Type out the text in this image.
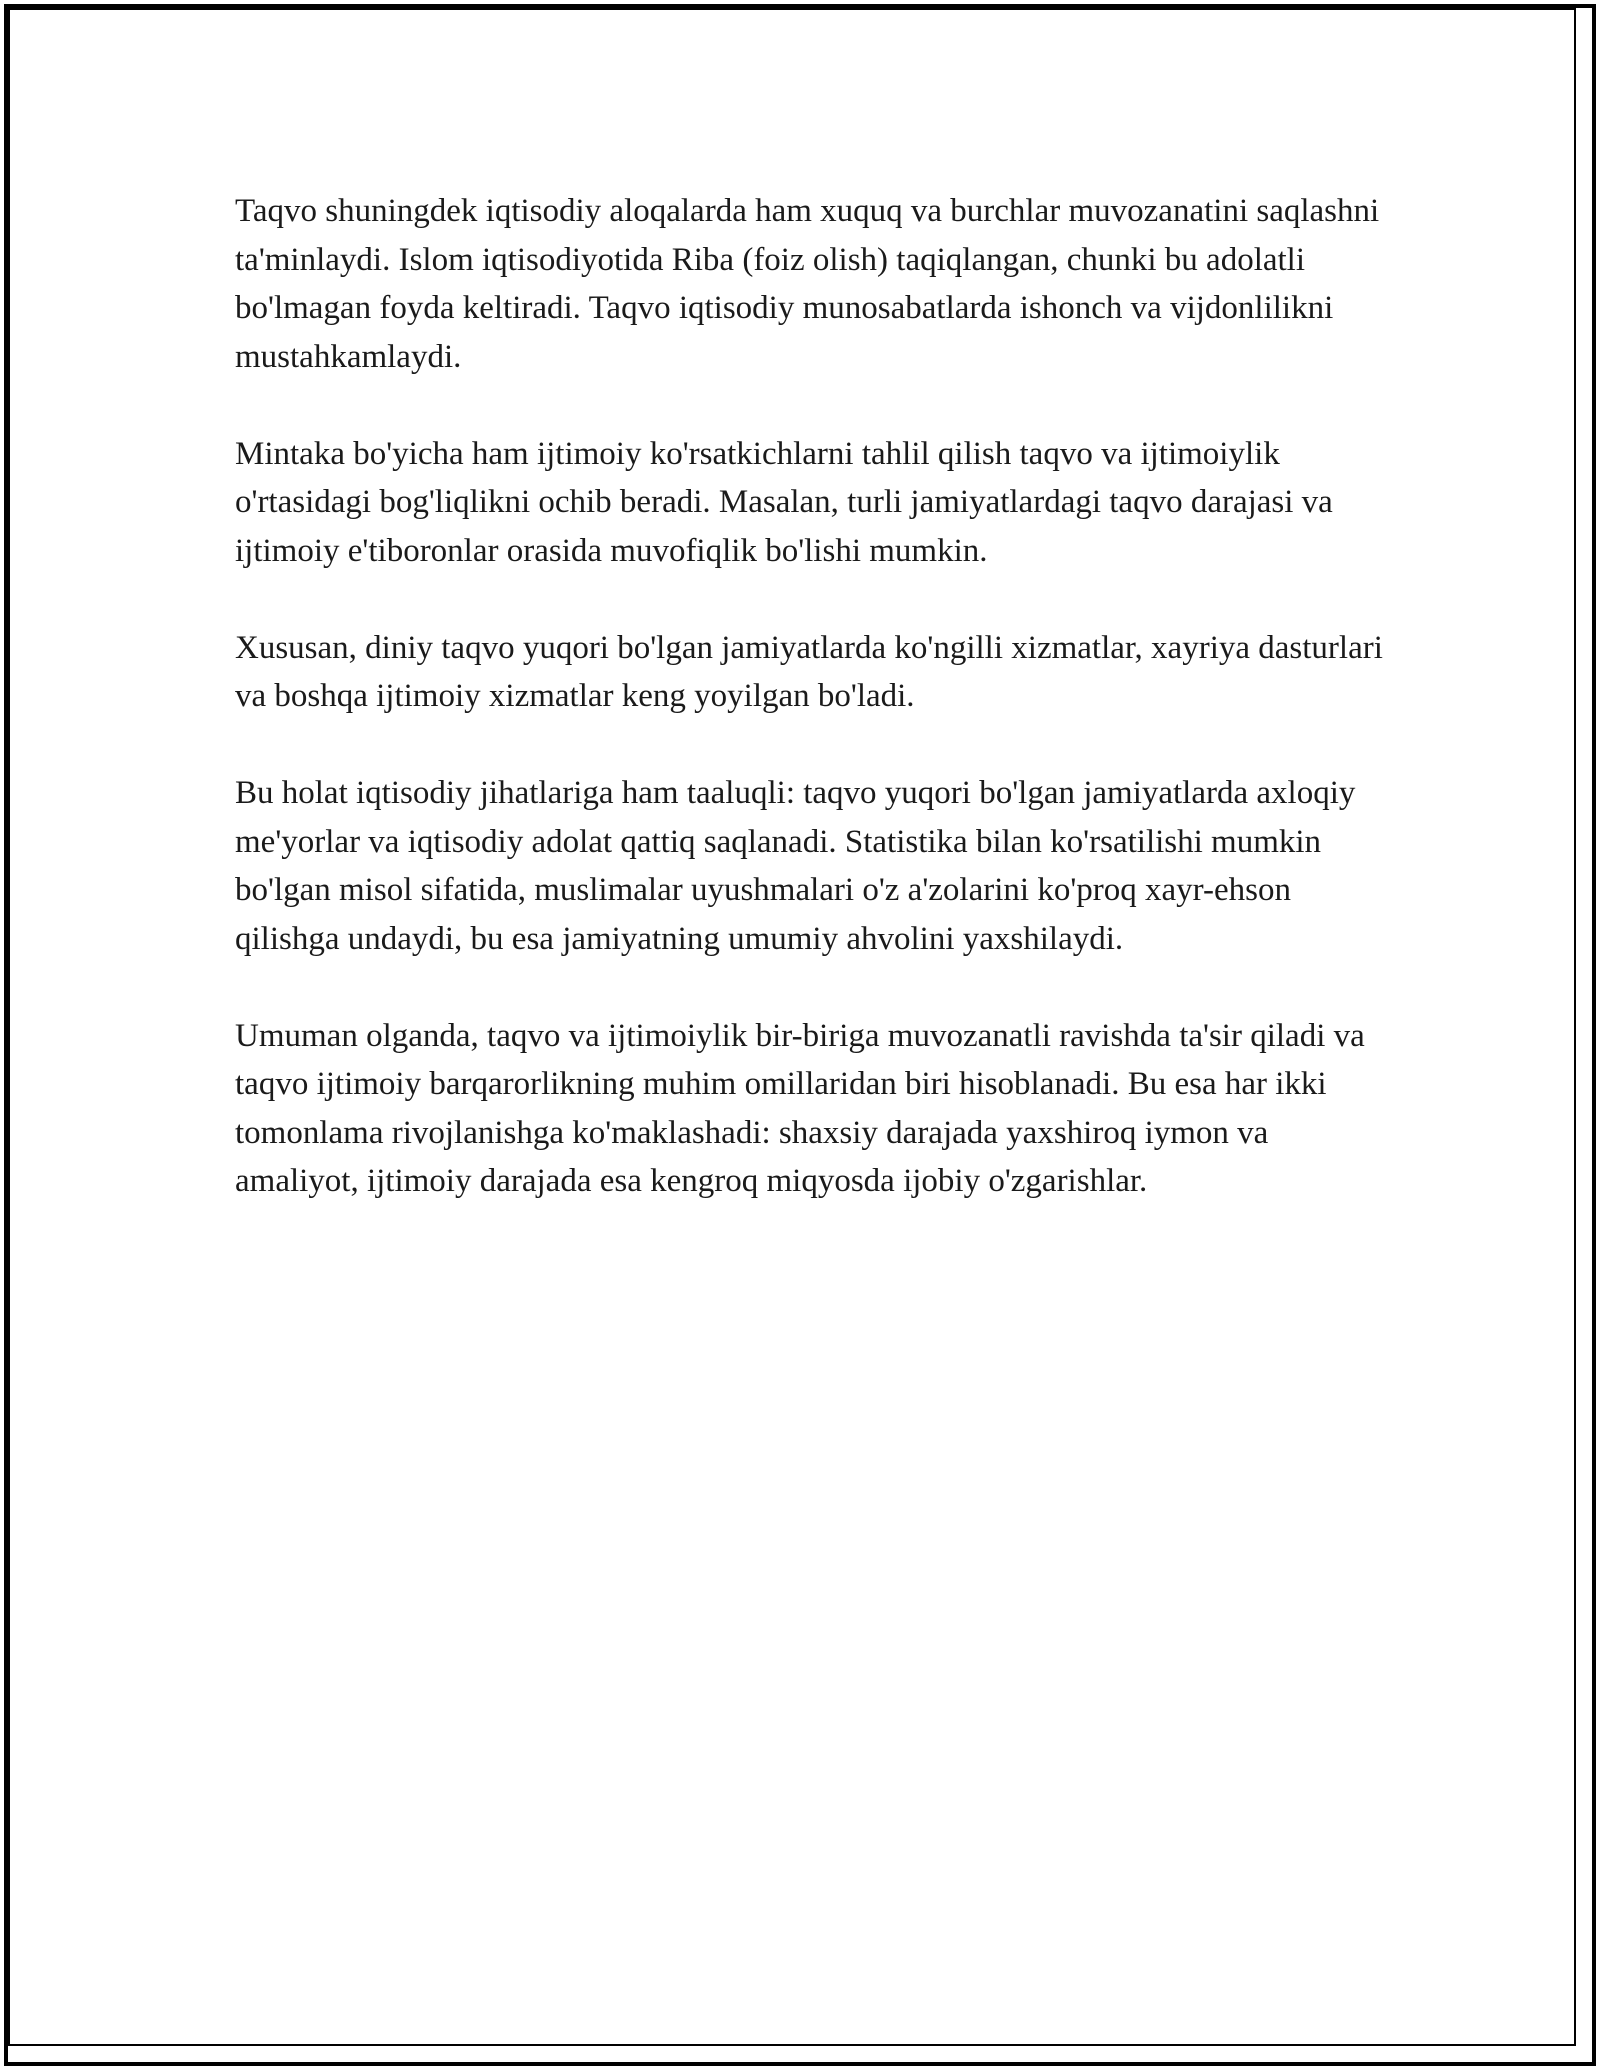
Taqvo shuningdek iqtisodiy aloqalarda ham xuquq va burchlar muvozanatini saqlashni ta'minlaydi. Islom iqtisodiyotida Riba (foiz olish) taqiqlangan, chunki bu adolatli bo'lmagan foyda keltiradi. Taqvo iqtisodiy munosabatlarda ishonch va vijdonlilikni mustahkamlaydi.

Mintaka bo'yicha ham ijtimoiy ko'rsatkichlarni tahlil qilish taqvo va ijtimoiylik o'rtasidagi bog'liqlikni ochib beradi. Masalan, turli jamiyatlardagi taqvo darajasi va ijtimoiy e'tiboronlar orasida muvofiqlik bo'lishi mumkin.

Xususan, diniy taqvo yuqori bo'lgan jamiyatlarda ko'ngilli xizmatlar, xayriya dasturlari va boshqa ijtimoiy xizmatlar keng yoyilgan bo'ladi.

Bu holat iqtisodiy jihatlariga ham taaluqli: taqvo yuqori bo'lgan jamiyatlarda axloqiy me'yorlar va iqtisodiy adolat qattiq saqlanadi. Statistika bilan ko'rsatilishi mumkin bo'lgan misol sifatida, muslimalar uyushmalari o'z a'zolarini ko'proq xayr-ehson qilishga undaydi, bu esa jamiyatning umumiy ahvolini yaxshilaydi.

Umuman olganda, taqvo va ijtimoiylik bir-biriga muvozanatli ravishda ta'sir qiladi va taqvo ijtimoiy barqarorlikning muhim omillaridan biri hisoblanadi. Bu esa har ikki tomonlama rivojlanishga ko'maklashadi: shaxsiy darajada yaxshiroq iymon va amaliyot, ijtimoiy darajada esa kengroq miqyosda ijobiy o'zgarishlar.
